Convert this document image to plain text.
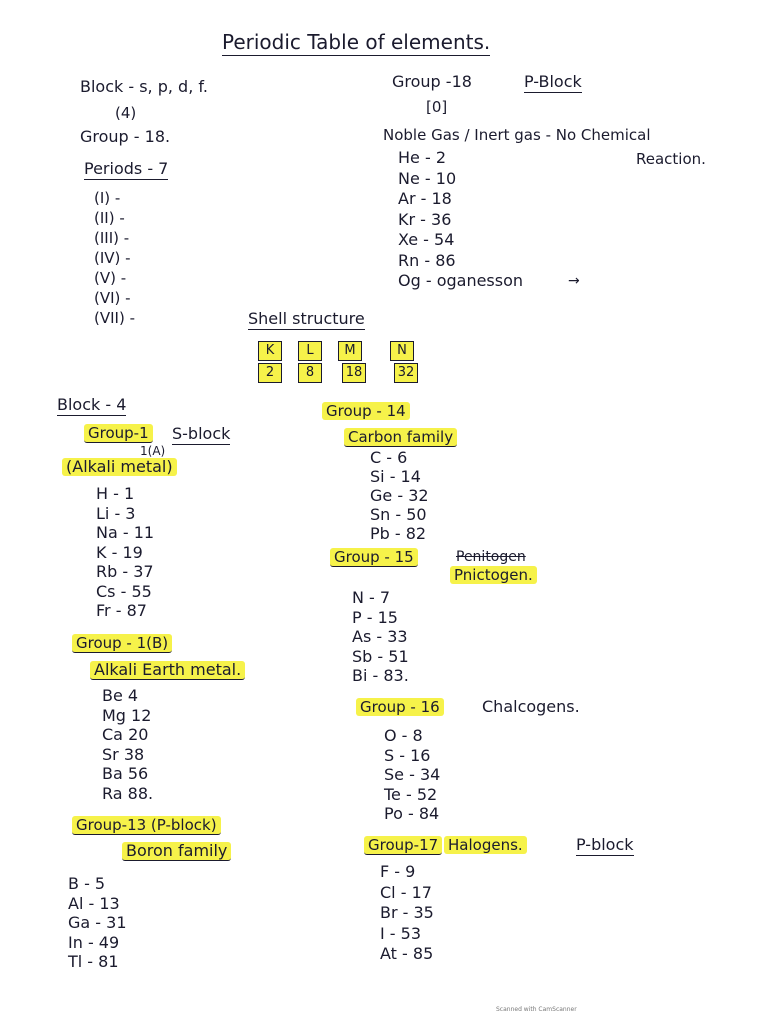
Periodic Table of elements.
Block - s, p, d, f.
(4)
Group - 18.
Periods - 7
(I) -
(II) -
(III) -
(IV) -
(V) -
(VI) -
(VII) -
Group -18	P-Block
[0]
Noble Gas / Inert gas - No Chemical
Reaction.
He - 2
Ne - 10
Ar - 18
Kr - 36
Xe - 54
Rn - 86
Og - oganesson	→
Shell structure
K	L	M	N
2	8	18	32
Block - 4
Group-1 S-block
1(A)
(Alkali metal)
H - 1
Li - 3
Na - 11
K - 19
Rb - 37
Cs - 55
Fr - 87
Group - 1(B)
Alkali Earth metal.
Be 4
Mg 12
Ca 20
Sr 38
Ba 56
Ra 88.
Group-13 (P-block)
Boron family
B - 5
Al - 13
Ga - 31
In - 49
Tl - 81
Group - 14
Carbon family
C - 6
Si - 14
Ge - 32
Sn - 50
Pb - 82
Group - 15	Penitogen
Pnictogen.
N - 7
P - 15
As - 33
Sb - 51
Bi - 83.
Group - 16	Chalcogens.
O - 8
S - 16
Se - 34
Te - 52
Po - 84
Group-17 Halogens.	P-block
F - 9
Cl - 17
Br - 35
I - 53
At - 85
Scanned with CamScanner
